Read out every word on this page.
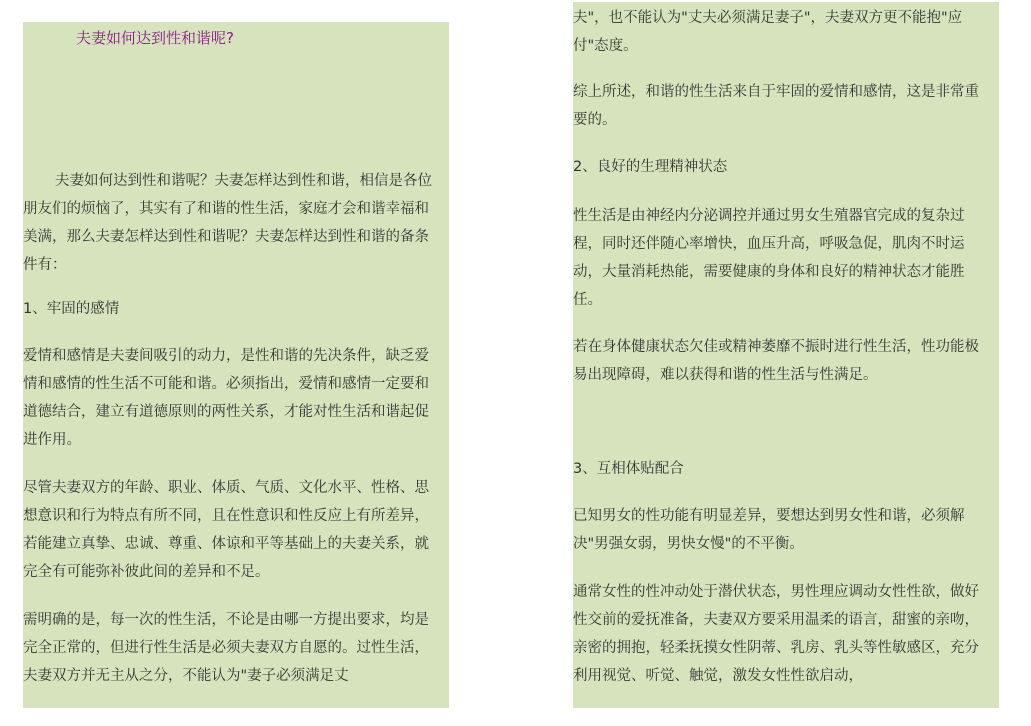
夫妻如何达到性和谐呢?

夫妻如何达到性和谐呢？夫妻怎样达到性和谐，相信是各位朋友们的烦恼了，其实有了和谐的性生活，家庭才会和谐幸福和美满，那么夫妻怎样达到性和谐呢？夫妻怎样达到性和谐的备条件有：

1、牢固的感情

爱情和感情是夫妻间吸引的动力，是性和谐的先决条件，缺乏爱情和感情的性生活不可能和谐。必须指出，爱情和感情一定要和道德结合，建立有道德原则的两性关系，才能对性生活和谐起促进作用。

尽管夫妻双方的年龄、职业、体质、气质、文化水平、性格、思想意识和行为特点有所不同，且在性意识和性反应上有所差异，若能建立真挚、忠诚、尊重、体谅和平等基础上的夫妻关系，就完全有可能弥补彼此间的差异和不足。

需明确的是，每一次的性生活，不论是由哪一方提出要求，均是完全正常的，但进行性生活是必须夫妻双方自愿的。过性生活，夫妻双方并无主从之分，不能认为"妻子必须满足丈

夫"，也不能认为"丈夫必须满足妻子"，夫妻双方更不能抱"应付"态度。

综上所述，和谐的性生活来自于牢固的爱情和感情，这是非常重要的。

2、良好的生理精神状态

性生活是由神经内分泌调控并通过男女生殖器官完成的复杂过程，同时还伴随心率增快，血压升高，呼吸急促，肌肉不时运动，大量消耗热能，需要健康的身体和良好的精神状态才能胜任。

若在身体健康状态欠佳或精神萎靡不振时进行性生活，性功能极易出现障碍，难以获得和谐的性生活与性满足。

3、互相体贴配合

已知男女的性功能有明显差异，要想达到男女性和谐，必须解决"男强女弱，男快女慢"的不平衡。

通常女性的性冲动处于潜伏状态，男性理应调动女性性欲，做好性交前的爱抚准备，夫妻双方要采用温柔的语言，甜蜜的亲吻，亲密的拥抱，轻柔抚摸女性阴蒂、乳房、乳头等性敏感区，充分利用视觉、听觉、触觉，激发女性性欲启动，
